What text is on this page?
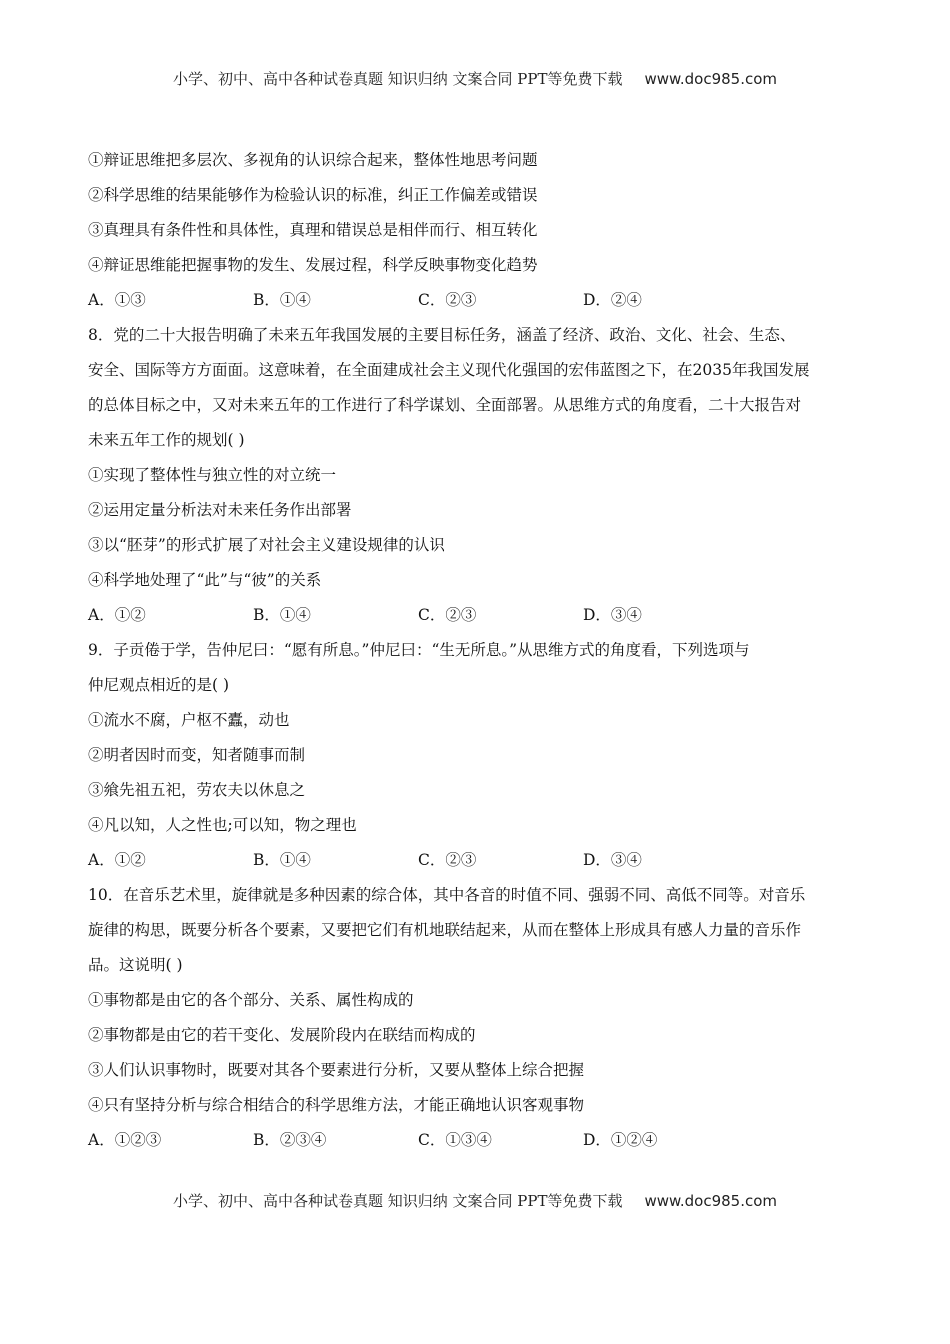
小学、初中、高中各种试卷真题 知识归纳 文案合同 PPT等免费下载 www.doc985.com
①辩证思维把多层次、多视角的认识综合起来，整体性地思考问题
②科学思维的结果能够作为检验认识的标准，纠正工作偏差或错误
③真理具有条件性和具体性，真理和错误总是相伴而行、相互转化
④辩证思维能把握事物的发生、发展过程，科学反映事物变化趋势
A．①③	B．①④	C．②③	D．②④
8．党的二十大报告明确了未来五年我国发展的主要目标任务，涵盖了经济、政治、文化、社会、生态、
安全、国际等方方面面。这意味着，在全面建成社会主义现代化强国的宏伟蓝图之下，在2035年我国发展
的总体目标之中，又对未来五年的工作进行了科学谋划、全面部署。从思维方式的角度看，二十大报告对
未来五年工作的规划( )
①实现了整体性与独立性的对立统一
②运用定量分析法对未来任务作出部署
③以“胚芽”的形式扩展了对社会主义建设规律的认识
④科学地处理了“此”与“彼”的关系
A．①②	B．①④	C．②③	D．③④
9．子贡倦于学，告仲尼曰：“愿有所息。”仲尼曰：“生无所息。”从思维方式的角度看，下列选项与
仲尼观点相近的是( )
①流水不腐，户枢不蠹，动也
②明者因时而变，知者随事而制
③飨先祖五祀，劳农夫以休息之
④凡以知，人之性也;可以知，物之理也
A．①②	B．①④	C．②③	D．③④
10．在音乐艺术里，旋律就是多种因素的综合体，其中各音的时值不同、强弱不同、高低不同等。对音乐
旋律的构思，既要分析各个要素，又要把它们有机地联结起来，从而在整体上形成具有感人力量的音乐作
品。这说明( )
①事物都是由它的各个部分、关系、属性构成的
②事物都是由它的若干变化、发展阶段内在联结而构成的
③人们认识事物时，既要对其各个要素进行分析，又要从整体上综合把握
④只有坚持分析与综合相结合的科学思维方法，才能正确地认识客观事物
A．①②③	B．②③④	C．①③④	D．①②④
小学、初中、高中各种试卷真题 知识归纳 文案合同 PPT等免费下载 www.doc985.com
